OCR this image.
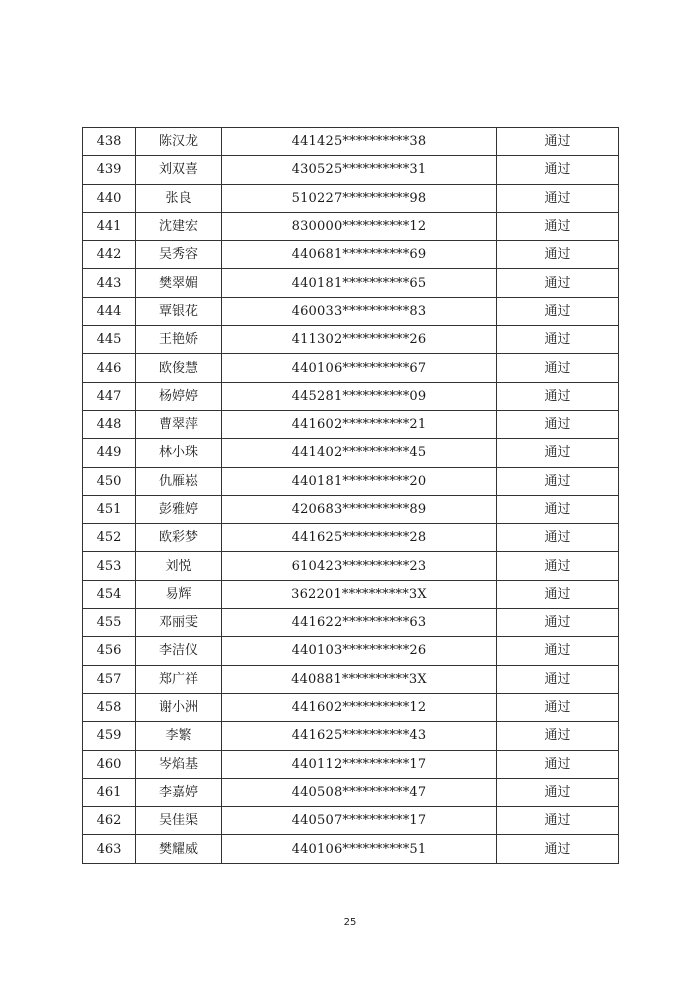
438	陈汉龙	441425**********38	通过
439	刘双喜	430525**********31	通过
440	张良	510227**********98	通过
441	沈建宏	830000**********12	通过
442	吴秀容	440681**********69	通过
443	樊翠媚	440181**********65	通过
444	覃银花	460033**********83	通过
445	王艳娇	411302**********26	通过
446	欧俊慧	440106**********67	通过
447	杨婷婷	445281**********09	通过
448	曹翠萍	441602**********21	通过
449	林小珠	441402**********45	通过
450	仇雁崧	440181**********20	通过
451	彭雅婷	420683**********89	通过
452	欧彩梦	441625**********28	通过
453	刘悦	610423**********23	通过
454	易辉	362201**********3X	通过
455	邓丽雯	441622**********63	通过
456	李洁仪	440103**********26	通过
457	郑广祥	440881**********3X	通过
458	谢小洲	441602**********12	通过
459	李繁	441625**********43	通过
460	岑焰基	440112**********17	通过
461	李嘉婷	440508**********47	通过
462	吴佳渠	440507**********17	通过
463	樊耀威	440106**********51	通过
25
